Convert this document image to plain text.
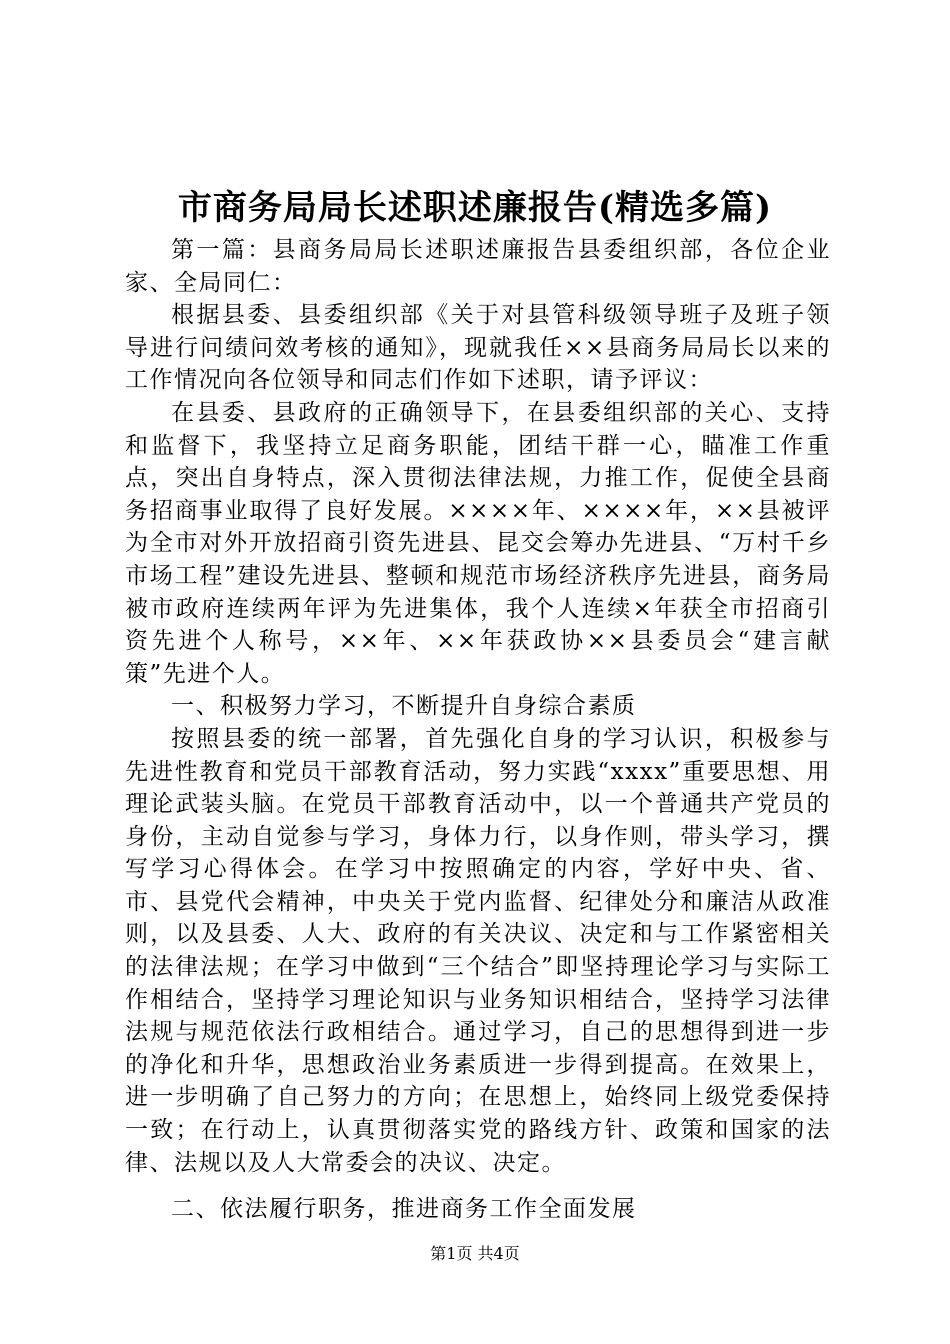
市商务局局长述职述廉报告(精选多篇)

第一篇：县商务局局长述职述廉报告县委组织部，各位企业家、全局同仁：

根据县委、县委组织部《关于对县管科级领导班子及班子领导进行问绩问效考核的通知》，现就我任××县商务局局长以来的工作情况向各位领导和同志们作如下述职，请予评议：

在县委、县政府的正确领导下，在县委组织部的关心、支持和监督下，我坚持立足商务职能，团结干群一心，瞄准工作重点，突出自身特点，深入贯彻法律法规，力推工作，促使全县商务招商事业取得了良好发展。××××年、××××年，××县被评为全市对外开放招商引资先进县、昆交会筹办先进县、“万村千乡市场工程”建设先进县、整顿和规范市场经济秩序先进县，商务局被市政府连续两年评为先进集体，我个人连续×年获全市招商引资先进个人称号，××年、××年获政协××县委员会“建言献策”先进个人。

一、积极努力学习，不断提升自身综合素质

按照县委的统一部署，首先强化自身的学习认识，积极参与先进性教育和党员干部教育活动，努力实践“xxxx”重要思想、用理论武装头脑。在党员干部教育活动中，以一个普通共产党员的身份，主动自觉参与学习，身体力行，以身作则，带头学习，撰写学习心得体会。在学习中按照确定的内容，学好中央、省、市、县党代会精神，中央关于党内监督、纪律处分和廉洁从政准则，以及县委、人大、政府的有关决议、决定和与工作紧密相关的法律法规；在学习中做到“三个结合”即坚持理论学习与实际工作相结合，坚持学习理论知识与业务知识相结合，坚持学习法律法规与规范依法行政相结合。通过学习，自己的思想得到进一步的净化和升华，思想政治业务素质进一步得到提高。在效果上，进一步明确了自己努力的方向；在思想上，始终同上级党委保持一致；在行动上，认真贯彻落实党的路线方针、政策和国家的法律、法规以及人大常委会的决议、决定。

二、依法履行职务，推进商务工作全面发展

第1页 共4页
